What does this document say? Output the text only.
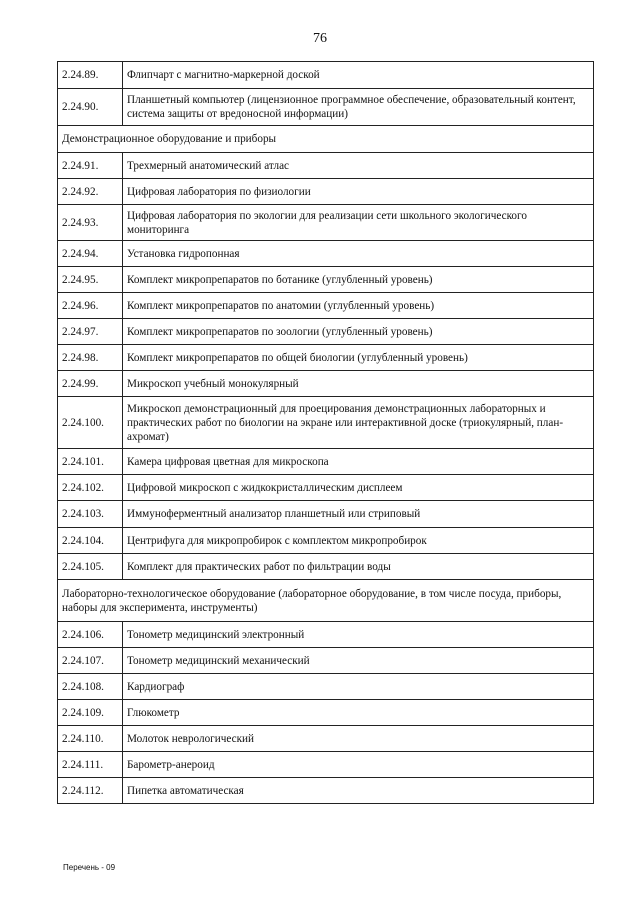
76
2.24.89.	Флипчарт с магнитно-маркерной доской
2.24.90.	Планшетный компьютер (лицензионное программное обеспечение, образовательный контент, система защиты от вредоносной информации)
Демонстрационное оборудование и приборы	
2.24.91.	Трехмерный анатомический атлас
2.24.92.	Цифровая лаборатория по физиологии
2.24.93.	Цифровая лаборатория по экологии для реализации сети школьного экологического мониторинга
2.24.94.	Установка гидропонная
2.24.95.	Комплект микропрепаратов по ботанике (углубленный уровень)
2.24.96.	Комплект микропрепаратов по анатомии (углубленный уровень)
2.24.97.	Комплект микропрепаратов по зоологии (углубленный уровень)
2.24.98.	Комплект микропрепаратов по общей биологии (углубленный уровень)
2.24.99.	Микроскоп учебный монокулярный
2.24.100.	Микроскоп демонстрационный для проецирования демонстрационных лабораторных и практических работ по биологии на экране или интерактивной доске (триокулярный, план-ахромат)
2.24.101.	Камера цифровая цветная для микроскопа
2.24.102.	Цифровой микроскоп с жидкокристаллическим дисплеем
2.24.103.	Иммуноферментный анализатор планшетный или стриповый
2.24.104.	Центрифуга для микропробирок с комплектом микропробирок
2.24.105.	Комплект для практических работ по фильтрации воды
Лабораторно-технологическое оборудование (лабораторное оборудование, в том числе посуда, приборы, наборы для эксперимента, инструменты)	
2.24.106.	Тонометр медицинский электронный
2.24.107.	Тонометр медицинский механический
2.24.108.	Кардиограф
2.24.109.	Глюкометр
2.24.110.	Молоток неврологический
2.24.111.	Барометр-анероид
2.24.112.	Пипетка автоматическая
Перечень - 09
